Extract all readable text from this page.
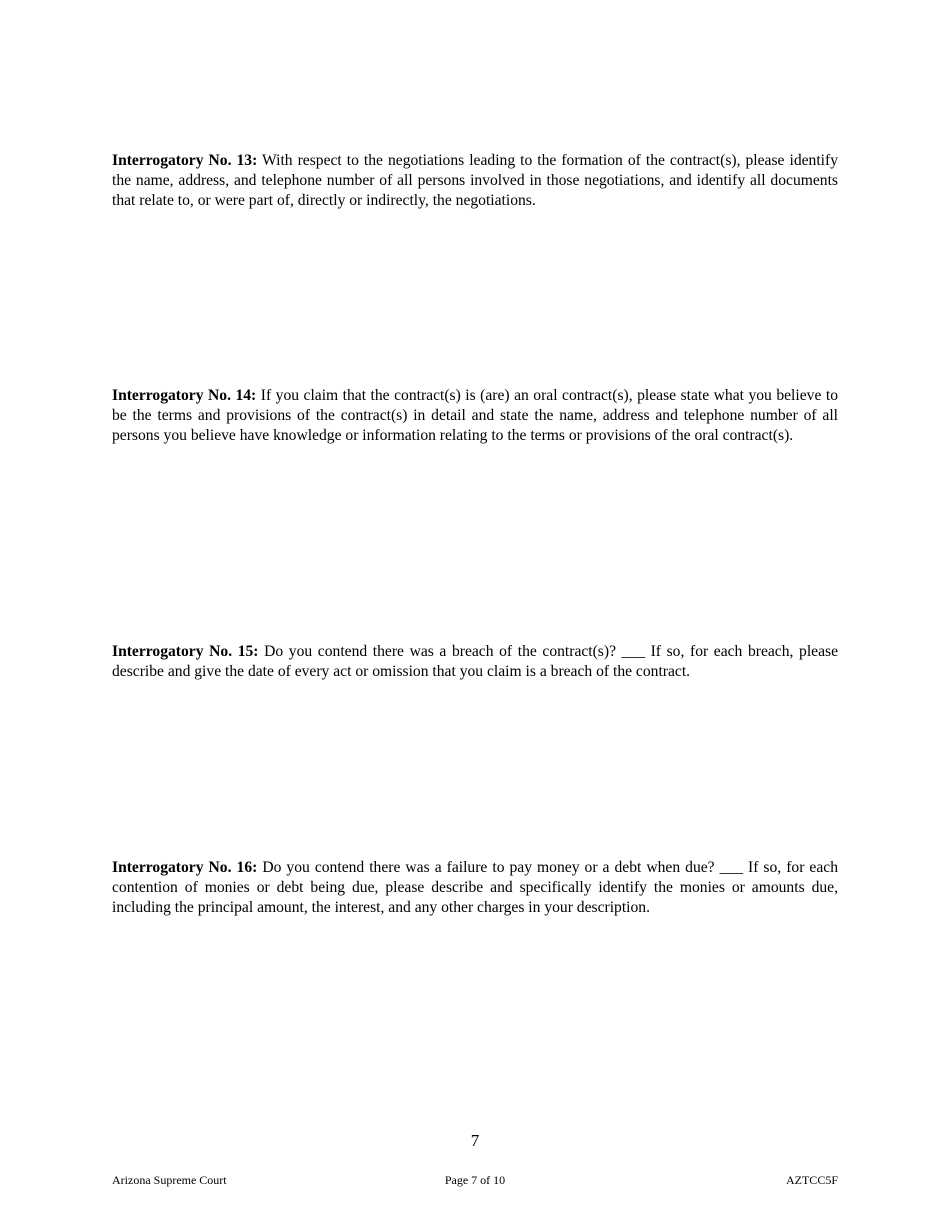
Interrogatory No. 13: With respect to the negotiations leading to the formation of the contract(s), please identify the name, address, and telephone number of all persons involved in those negotiations, and identify all documents that relate to, or were part of, directly or indirectly, the negotiations.

Interrogatory No. 14: If you claim that the contract(s) is (are) an oral contract(s), please state what you believe to be the terms and provisions of the contract(s) in detail and state the name, address and telephone number of all persons you believe have knowledge or information relating to the terms or provisions of the oral contract(s).

Interrogatory No. 15: Do you contend there was a breach of the contract(s)? ___ If so, for each breach, please describe and give the date of every act or omission that you claim is a breach of the contract.

Interrogatory No. 16: Do you contend there was a failure to pay money or a debt when due? ___ If so, for each contention of monies or debt being due, please describe and specifically identify the monies or amounts due, including the principal amount, the interest, and any other charges in your description.

7
Arizona Supreme Court	Page 7 of 10	AZTCC5F
